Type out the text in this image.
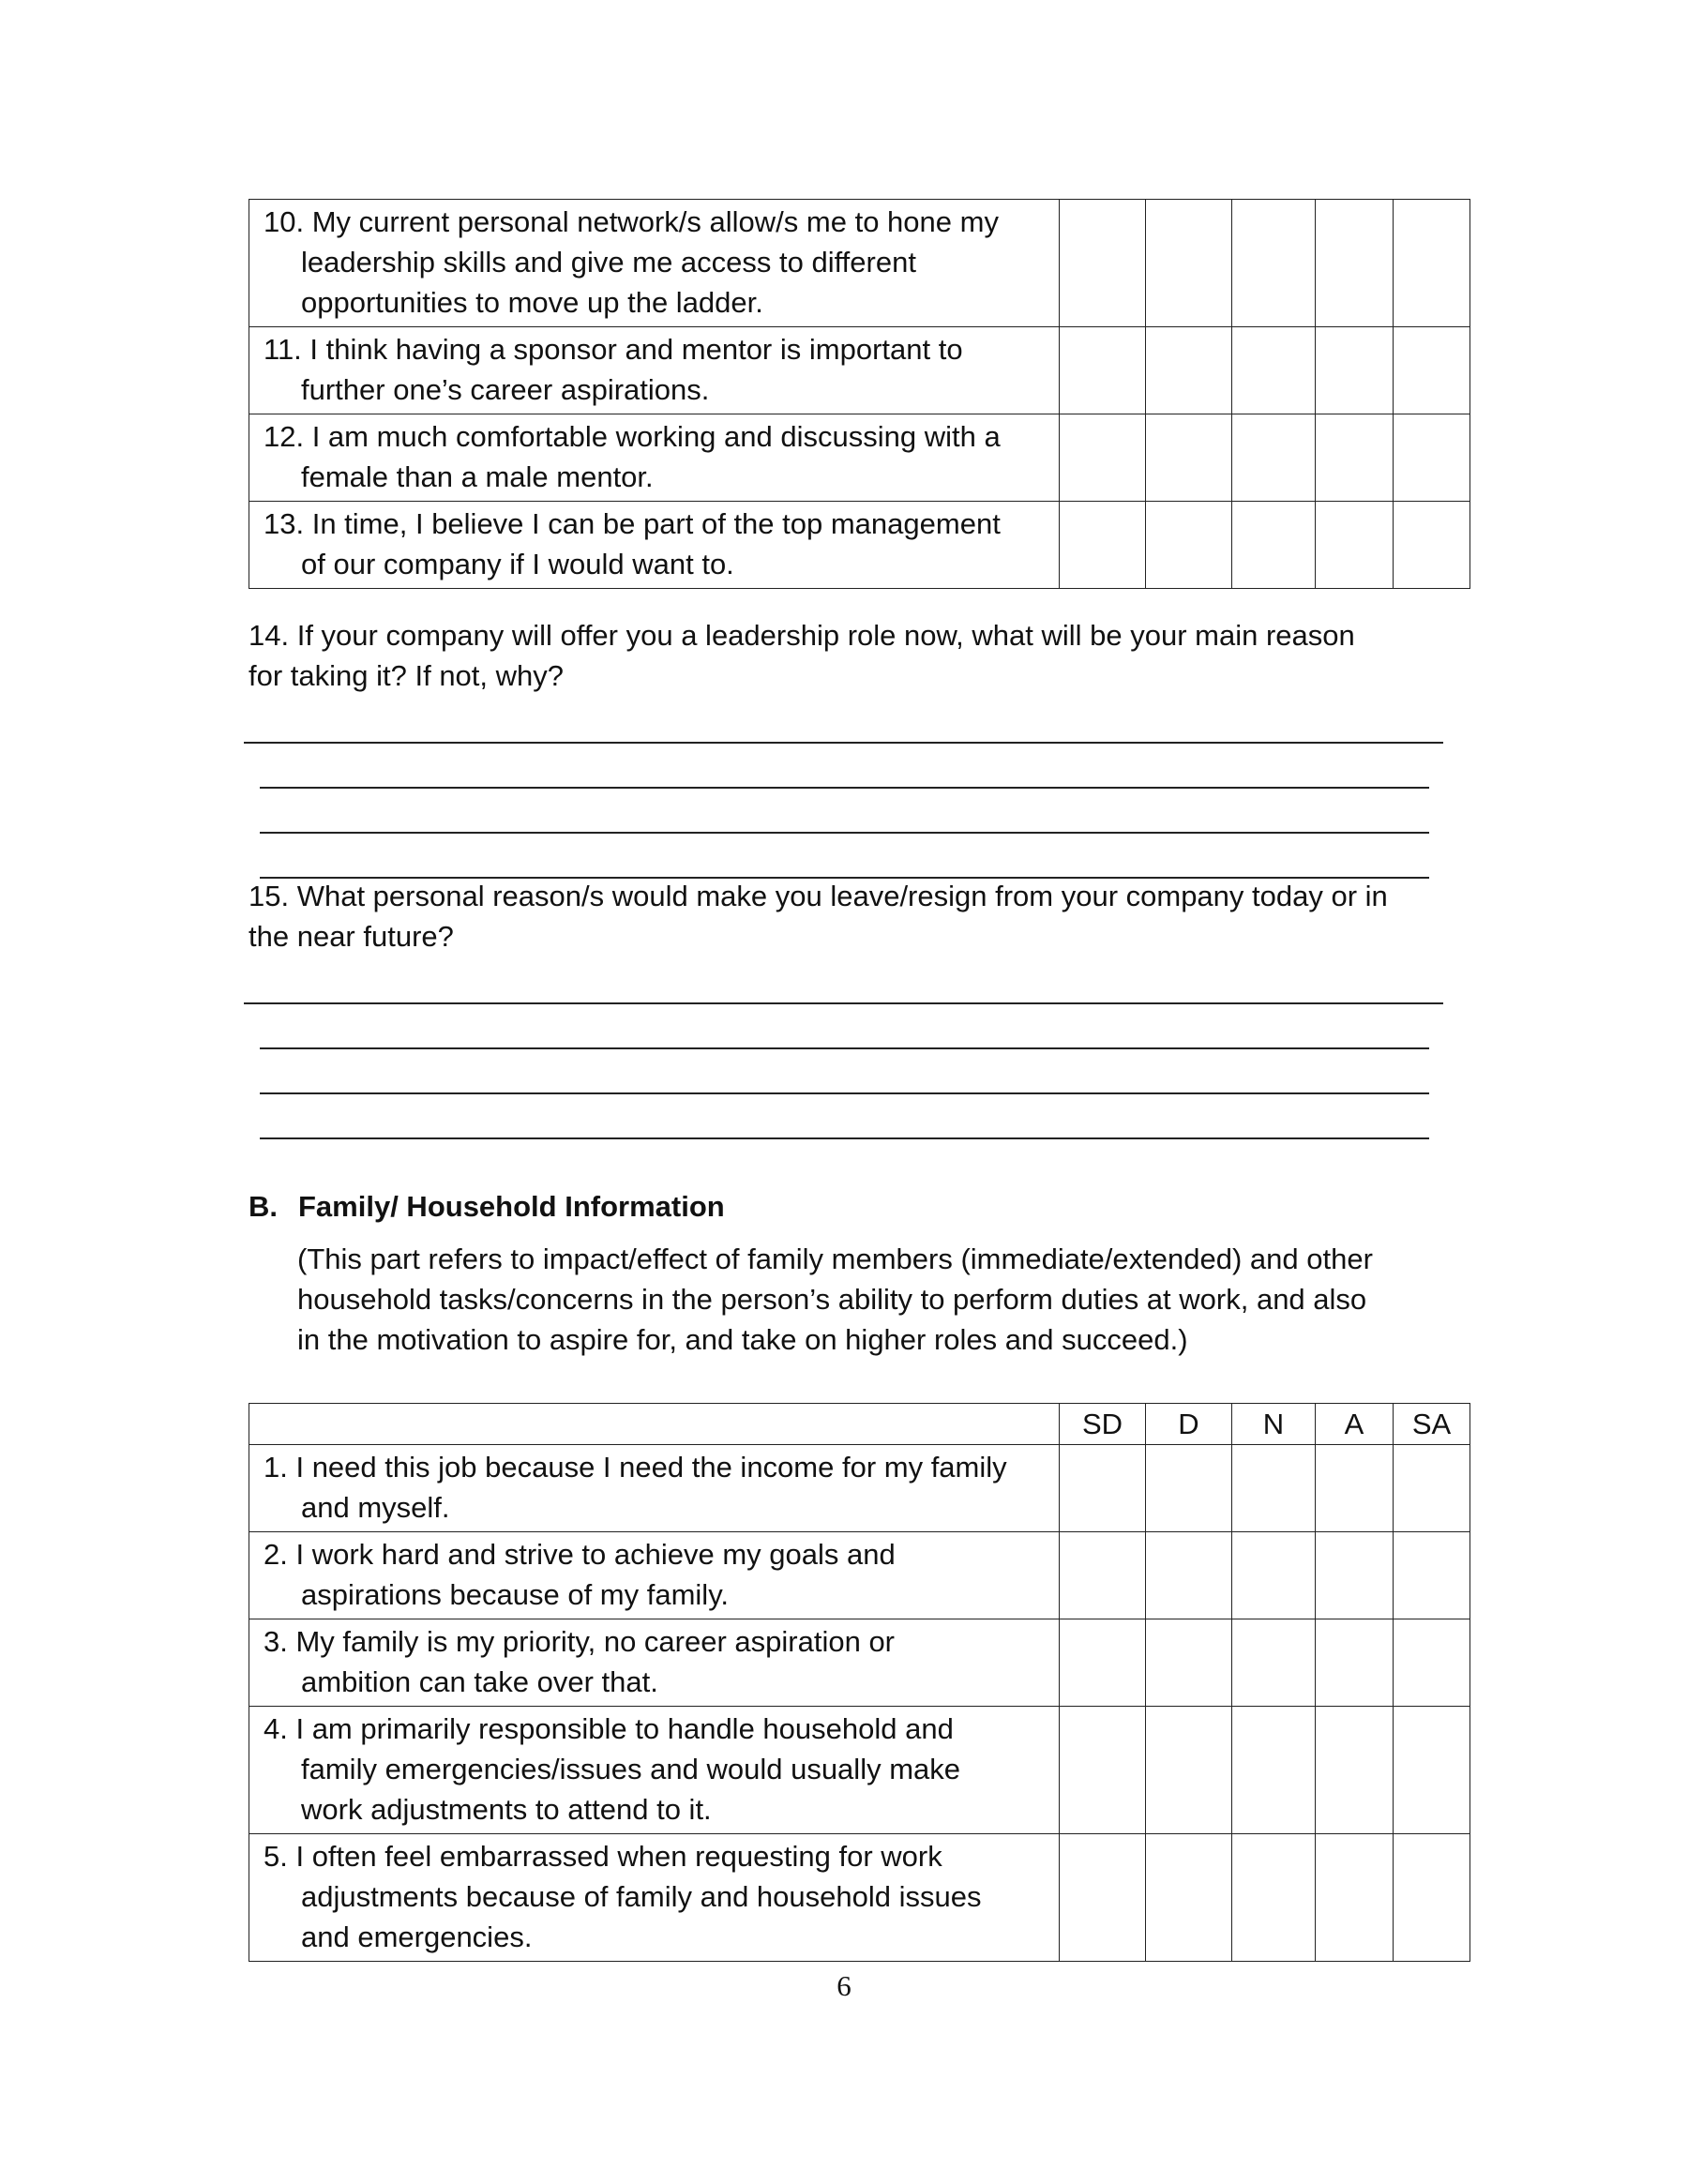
10. My current personal network/s allow/s me to hone my
leadership skills and give me access to different
opportunities to move up the ladder.					

11. I think having a sponsor and mentor is important to
further one’s career aspirations.					

12. I am much comfortable working and discussing with a
female than a male mentor.					

13. In time, I believe I can be part of the top management
of our company if I would want to.					

14. If your company will offer you a leadership role now, what will be your main reason
for taking it? If not, why?
15. What personal reason/s would make you leave/resign from your company today or in
the near future?
B. Family/ Household Information
(This part refers to impact/effect of family members (immediate/extended) and other
household tasks/concerns in the person’s ability to perform duties at work, and also
in the motivation to aspire for, and take on higher roles and succeed.)
	SD	D	N	A	SA

1. I need this job because I need the income for my family
and myself.					

2. I work hard and strive to achieve my goals and
aspirations because of my family.					

3. My family is my priority, no career aspiration or
ambition can take over that.					

4. I am primarily responsible to handle household and
family emergencies/issues and would usually make
work adjustments to attend to it.					

5. I often feel embarrassed when requesting for work
adjustments because of family and household issues
and emergencies.					

6
